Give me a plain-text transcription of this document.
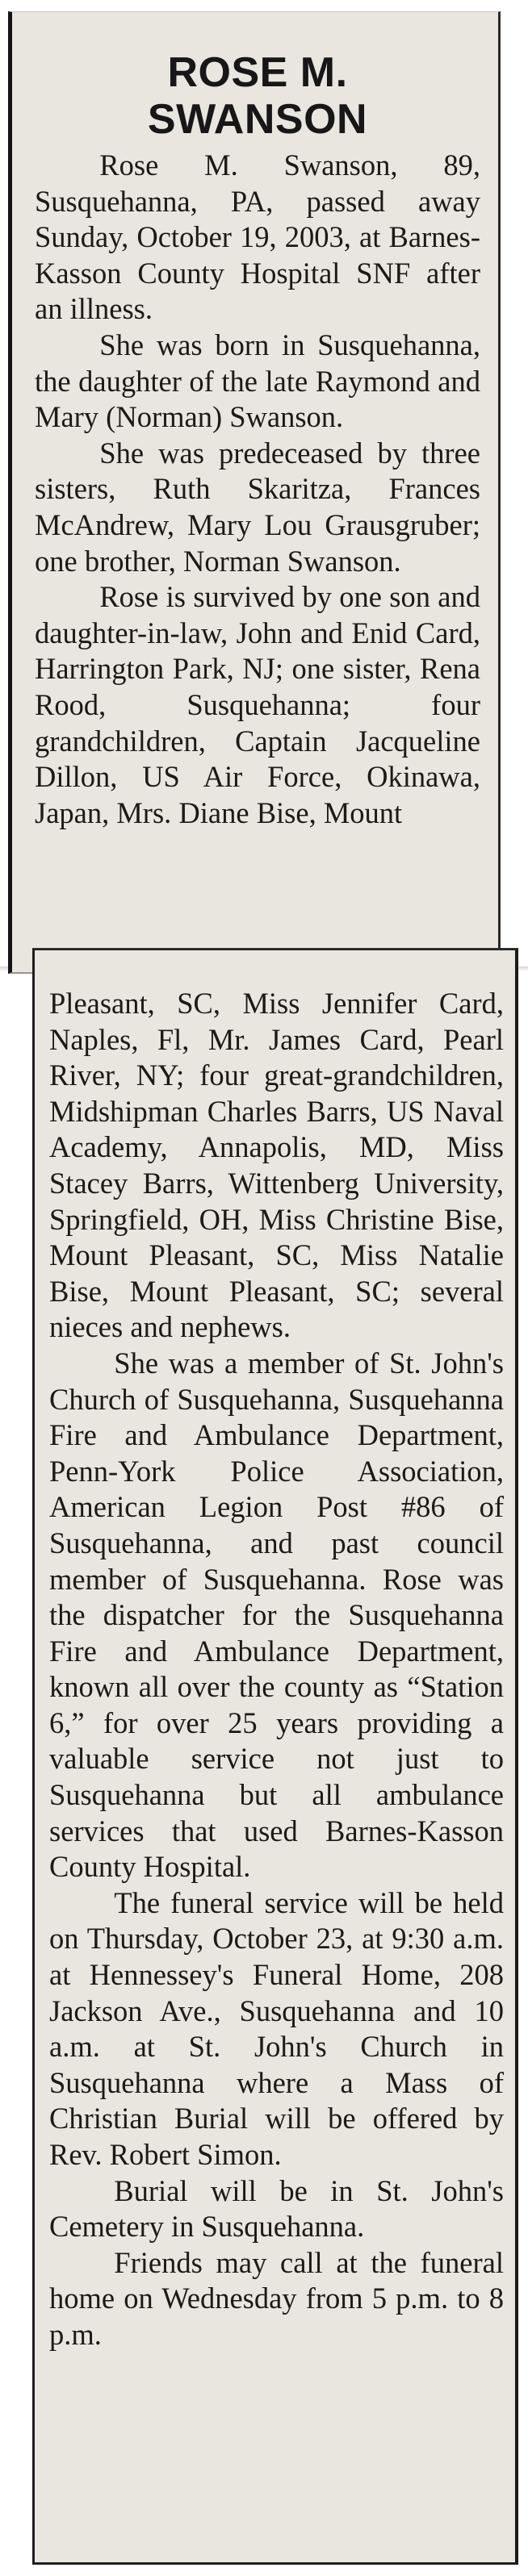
ROSE M.
SWANSON

Rose M. Swanson, 89, Susquehanna, PA, passed away Sunday, October 19, 2003, at Barnes-Kasson County Hospital SNF after an illness.

She was born in Susquehanna, the daughter of the late Raymond and Mary (Norman) Swanson.

She was predeceased by three sisters, Ruth Skaritza, Frances McAndrew, Mary Lou Grausgruber; one brother, Norman Swanson.

Rose is survived by one son and daughter-in-law, John and Enid Card, Harrington Park, NJ; one sister, Rena Rood, Susquehanna; four grandchildren, Captain Jacqueline Dillon, US Air Force, Okinawa, Japan, Mrs. Diane Bise, Mount

Pleasant, SC, Miss Jennifer Card, Naples, Fl, Mr. James Card, Pearl River, NY; four great-grandchildren, Midshipman Charles Barrs, US Naval Academy, Annapolis, MD, Miss Stacey Barrs, Wittenberg University, Springfield, OH, Miss Christine Bise, Mount Pleasant, SC, Miss Natalie Bise, Mount Pleasant, SC; several nieces and nephews.

She was a member of St. John's Church of Susquehanna, Susquehanna Fire and Ambulance Department, Penn-York Police Association, American Legion Post #86 of Susquehanna, and past council member of Susquehanna. Rose was the dispatcher for the Susquehanna Fire and Ambulance Department, known all over the county as “Station 6,” for over 25 years providing a valuable service not just to Susquehanna but all ambulance services that used Barnes-Kasson County Hospital.

The funeral service will be held on Thursday, October 23, at 9:30 a.m. at Hennessey's Funeral Home, 208 Jackson Ave., Susquehanna and 10 a.m. at St. John's Church in Susquehanna where a Mass of Christian Burial will be offered by Rev. Robert Simon.

Burial will be in St. John's Cemetery in Susquehanna.

Friends may call at the funeral home on Wednesday from 5 p.m. to 8 p.m.
